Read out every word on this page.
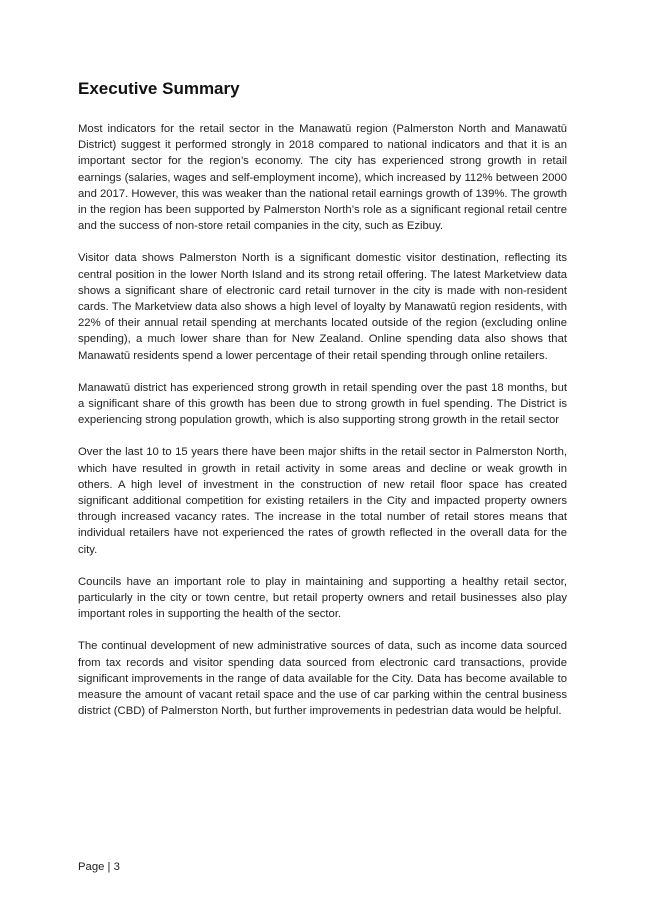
Executive Summary

Most indicators for the retail sector in the Manawatū region (Palmerston North and Manawatū District) suggest it performed strongly in 2018 compared to national indicators and that it is an important sector for the region’s economy. The city has experienced strong growth in retail earnings (salaries, wages and self-employment income), which increased by 112% between 2000 and 2017. However, this was weaker than the national retail earnings growth of 139%. The growth in the region has been supported by Palmerston North’s role as a significant regional retail centre and the success of non-store retail companies in the city, such as Ezibuy.

Visitor data shows Palmerston North is a significant domestic visitor destination, reflecting its central position in the lower North Island and its strong retail offering. The latest Marketview data shows a significant share of electronic card retail turnover in the city is made with non-resident cards. The Marketview data also shows a high level of loyalty by Manawatū region residents, with 22% of their annual retail spending at merchants located outside of the region (excluding online spending), a much lower share than for New Zealand. Online spending data also shows that Manawatū residents spend a lower percentage of their retail spending through online retailers.

Manawatū district has experienced strong growth in retail spending over the past 18 months, but a significant share of this growth has been due to strong growth in fuel spending. The District is experiencing strong population growth, which is also supporting strong growth in the retail sector

Over the last 10 to 15 years there have been major shifts in the retail sector in Palmerston North, which have resulted in growth in retail activity in some areas and decline or weak growth in others. A high level of investment in the construction of new retail floor space has created significant additional competition for existing retailers in the City and impacted property owners through increased vacancy rates. The increase in the total number of retail stores means that individual retailers have not experienced the rates of growth reflected in the overall data for the city.

Councils have an important role to play in maintaining and supporting a healthy retail sector, particularly in the city or town centre, but retail property owners and retail businesses also play important roles in supporting the health of the sector.

The continual development of new administrative sources of data, such as income data sourced from tax records and visitor spending data sourced from electronic card transactions, provide significant improvements in the range of data available for the City. Data has become available to measure the amount of vacant retail space and the use of car parking within the central business district (CBD) of Palmerston North, but further improvements in pedestrian data would be helpful.

Page | 3
